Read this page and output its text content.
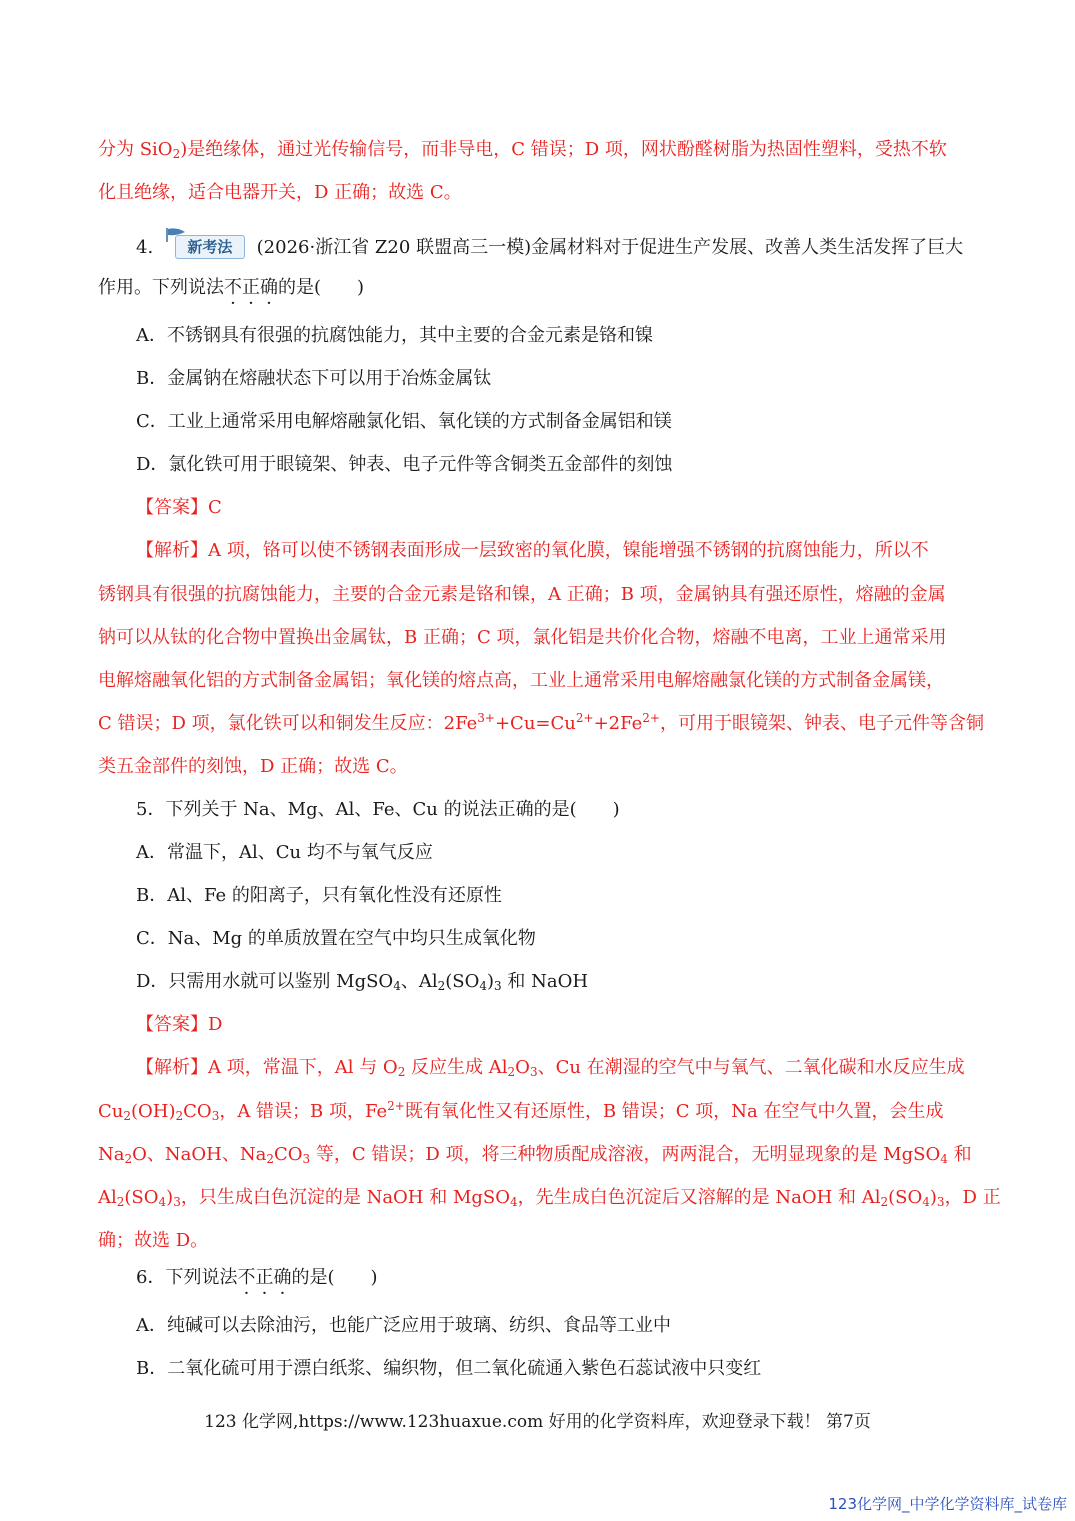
分为 SiO$_2$)是绝缘体，通过光传输信号，而非导电，C 错误；D 项，网状酚醛树脂为热固性塑料，受热不软
化且绝缘，适合电器开关，D 正确；故选 C。
4.	新考法	(2026·浙江省 Z20 联盟高三一模)金属材料对于促进生产发展、改善人类生活发挥了巨大
作用。下列说法不正确的是(　　)
A．不锈钢具有很强的抗腐蚀能力，其中主要的合金元素是铬和镍
B．金属钠在熔融状态下可以用于冶炼金属钛
C．工业上通常采用电解熔融氯化铝、氧化镁的方式制备金属铝和镁
D．氯化铁可用于眼镜架、钟表、电子元件等含铜类五金部件的刻蚀
【答案】C
【解析】A 项，铬可以使不锈钢表面形成一层致密的氧化膜，镍能增强不锈钢的抗腐蚀能力，所以不
锈钢具有很强的抗腐蚀能力，主要的合金元素是铬和镍，A 正确；B 项，金属钠具有强还原性，熔融的金属
钠可以从钛的化合物中置换出金属钛，B 正确；C 项，氯化铝是共价化合物，熔融不电离，工业上通常采用
电解熔融氧化铝的方式制备金属铝；氧化镁的熔点高，工业上通常采用电解熔融氯化镁的方式制备金属镁，
C 错误；D 项，氯化铁可以和铜发生反应：$2Fe^{3+}+Cu=Cu^{2+}+2Fe^{2+}$，可用于眼镜架、钟表、电子元件等含铜
类五金部件的刻蚀，D 正确；故选 C。
5．下列关于 Na、Mg、Al、Fe、Cu 的说法正确的是(　　)
A．常温下，Al、Cu 均不与氧气反应
B．Al、Fe 的阳离子，只有氧化性没有还原性
C．Na、Mg 的单质放置在空气中均只生成氧化物
D．只需用水就可以鉴别 MgSO$_4$、$Al_2(SO_4)_3$ 和 NaOH
【答案】D
【解析】A 项，常温下，Al 与 $O_2$ 反应生成 $Al_2O_3$、Cu 在潮湿的空气中与氧气、二氧化碳和水反应生成
$Cu_2(OH)_2CO_3$，A 错误；B 项，$Fe^{2+}$既有氧化性又有还原性，B 错误；C 项，Na 在空气中久置，会生成
$Na_2O$、NaOH、$Na_2CO_3$ 等，C 错误；D 项，将三种物质配成溶液，两两混合，无明显现象的是 MgSO$_4$ 和
$Al_2(SO_4)_3$，只生成白色沉淀的是 NaOH 和 MgSO$_4$，先生成白色沉淀后又溶解的是 NaOH 和 $Al_2(SO_4)_3$，D 正
确；故选 D。
6．下列说法不正确的是(　　)
A．纯碱可以去除油污，也能广泛应用于玻璃、纺织、食品等工业中
B．二氧化硫可用于漂白纸浆、编织物，但二氧化硫通入紫色石蕊试液中只变红
123 化学网,https://www.123huaxue.com 好用的化学资料库，欢迎登录下载！ 第7页
123化学网_中学化学资料库_试卷库
